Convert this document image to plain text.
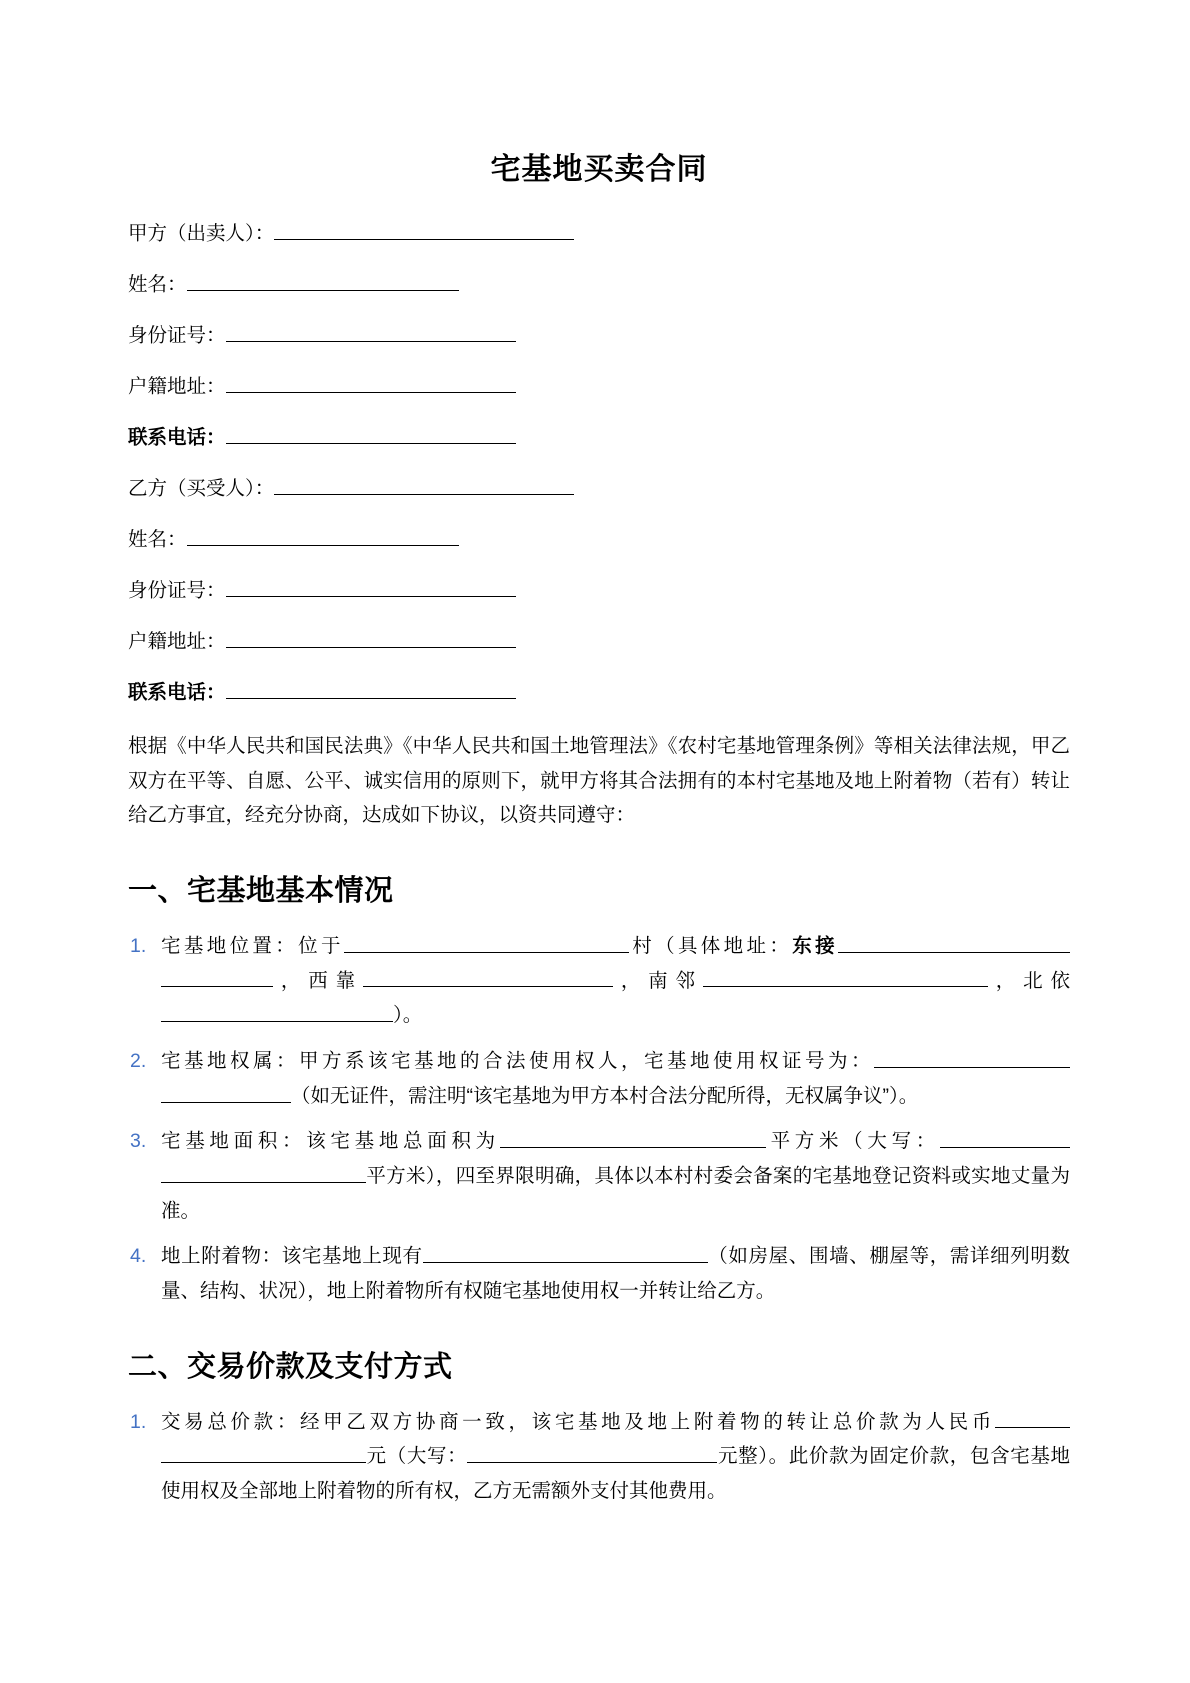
宅基地买卖合同
甲方（出卖人）：
姓名：
身份证号：
户籍地址：
联系电话：
乙方（买受人）：
姓名：
身份证号：
户籍地址：
联系电话：

根据《中华人民共和国民法典》《中华人民共和国土地管理法》《农村宅基地管理条例》等相关法律法规，甲乙双方在平等、自愿、公平、诚实信用的原则下，就甲方将其合法拥有的本村宅基地及地上附着物（若有）转让给乙方事宜，经充分协商，达成如下协议，以资共同遵守：

一、宅基地基本情况
1. 宅基地位置：位于	村（具体地址：东接，西靠	，南邻	，北依）。
2. 宅基地权属：甲方系该宅基地的合法使用权人，宅基地使用权证号为：（如无证件，需注明“该宅基地为甲方本村合法分配所得，无权属争议”）。
3. 宅基地面积：该宅基地总面积为	平方米（大写：平方米），四至界限明确，具体以本村村委会备案的宅基地登记资料或实地丈量为准。
4. 地上附着物：该宅基地上现有	（如房屋、围墙、棚屋等，需详细列明数量、结构、状况），地上附着物所有权随宅基地使用权一并转让给乙方。
二、交易价款及支付方式
1. 交易总价款：经甲乙双方协商一致，该宅基地及地上附着物的转让总价款为人民币元（大写：	元整）。此价款为固定价款，包含宅基地使用权及全部地上附着物的所有权，乙方无需额外支付其他费用。
